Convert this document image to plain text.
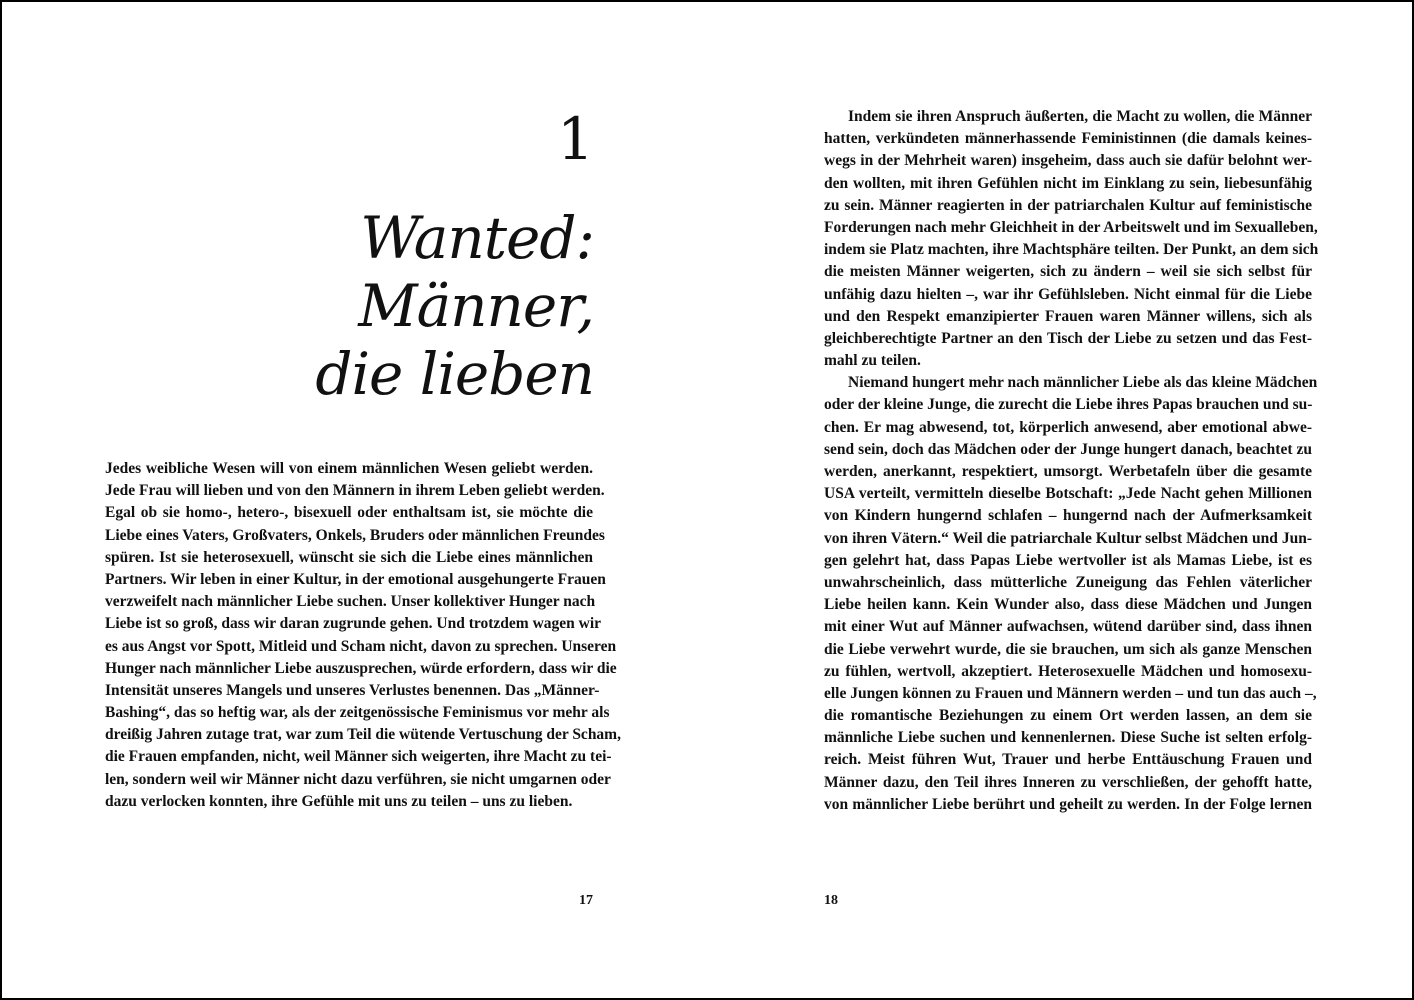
1
Wanted:
Männer,
die lieben
Jedes weibliche Wesen will von einem männlichen Wesen geliebt werden.
Jede Frau will lieben und von den Männern in ihrem Leben geliebt werden.
Egal ob sie homo-, hetero-, bisexuell oder enthaltsam ist, sie möchte die
Liebe eines Vaters, Großvaters, Onkels, Bruders oder männlichen Freundes
spüren. Ist sie heterosexuell, wünscht sie sich die Liebe eines männlichen
Partners. Wir leben in einer Kultur, in der emotional ausgehungerte Frauen
verzweifelt nach männlicher Liebe suchen. Unser kollektiver Hunger nach
Liebe ist so groß, dass wir daran zugrunde gehen. Und trotzdem wagen wir
es aus Angst vor Spott, Mitleid und Scham nicht, davon zu sprechen. Unseren
Hunger nach männlicher Liebe auszusprechen, würde erfordern, dass wir die
Intensität unseres Mangels und unseres Verlustes benennen. Das „Männer-
Bashing“, das so heftig war, als der zeitgenössische Feminismus vor mehr als
dreißig Jahren zutage trat, war zum Teil die wütende Vertuschung der Scham,
die Frauen empfanden, nicht, weil Männer sich weigerten, ihre Macht zu tei-
len, sondern weil wir Männer nicht dazu verführen, sie nicht umgarnen oder
dazu verlocken konnten, ihre Gefühle mit uns zu teilen – uns zu lieben.
17
Indem sie ihren Anspruch äußerten, die Macht zu wollen, die Männer
hatten, verkündeten männerhassende Feministinnen (die damals keines-
wegs in der Mehrheit waren) insgeheim, dass auch sie dafür belohnt wer-
den wollten, mit ihren Gefühlen nicht im Einklang zu sein, liebesunfähig
zu sein. Männer reagierten in der patriarchalen Kultur auf feministische
Forderungen nach mehr Gleichheit in der Arbeitswelt und im Sexualleben,
indem sie Platz machten, ihre Machtsphäre teilten. Der Punkt, an dem sich
die meisten Männer weigerten, sich zu ändern – weil sie sich selbst für
unfähig dazu hielten –, war ihr Gefühlsleben. Nicht einmal für die Liebe
und den Respekt emanzipierter Frauen waren Männer willens, sich als
gleichberechtigte Partner an den Tisch der Liebe zu setzen und das Fest-
mahl zu teilen.
Niemand hungert mehr nach männlicher Liebe als das kleine Mädchen
oder der kleine Junge, die zurecht die Liebe ihres Papas brauchen und su-
chen. Er mag abwesend, tot, körperlich anwesend, aber emotional abwe-
send sein, doch das Mädchen oder der Junge hungert danach, beachtet zu
werden, anerkannt, respektiert, umsorgt. Werbetafeln über die gesamte
USA verteilt, vermitteln dieselbe Botschaft: „Jede Nacht gehen Millionen
von Kindern hungernd schlafen – hungernd nach der Aufmerksamkeit
von ihren Vätern.“ Weil die patriarchale Kultur selbst Mädchen und Jun-
gen gelehrt hat, dass Papas Liebe wertvoller ist als Mamas Liebe, ist es
unwahrscheinlich, dass mütterliche Zuneigung das Fehlen väterlicher
Liebe heilen kann. Kein Wunder also, dass diese Mädchen und Jungen
mit einer Wut auf Männer aufwachsen, wütend darüber sind, dass ihnen
die Liebe verwehrt wurde, die sie brauchen, um sich als ganze Menschen
zu fühlen, wertvoll, akzeptiert. Heterosexuelle Mädchen und homosexu-
elle Jungen können zu Frauen und Männern werden – und tun das auch –,
die romantische Beziehungen zu einem Ort werden lassen, an dem sie
männliche Liebe suchen und kennenlernen. Diese Suche ist selten erfolg-
reich. Meist führen Wut, Trauer und herbe Enttäuschung Frauen und
Männer dazu, den Teil ihres Inneren zu verschließen, der gehofft hatte,
von männlicher Liebe berührt und geheilt zu werden. In der Folge lernen
18
